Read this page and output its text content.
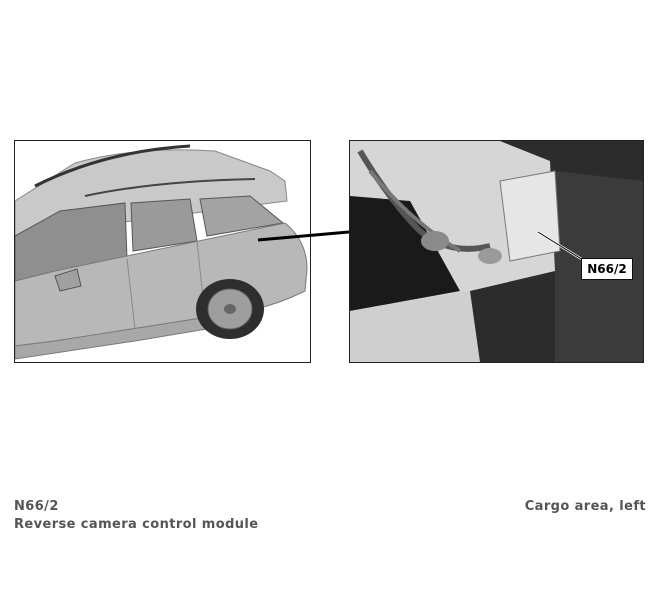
N66/2
N66/2
Reverse camera control module
Cargo area, left
